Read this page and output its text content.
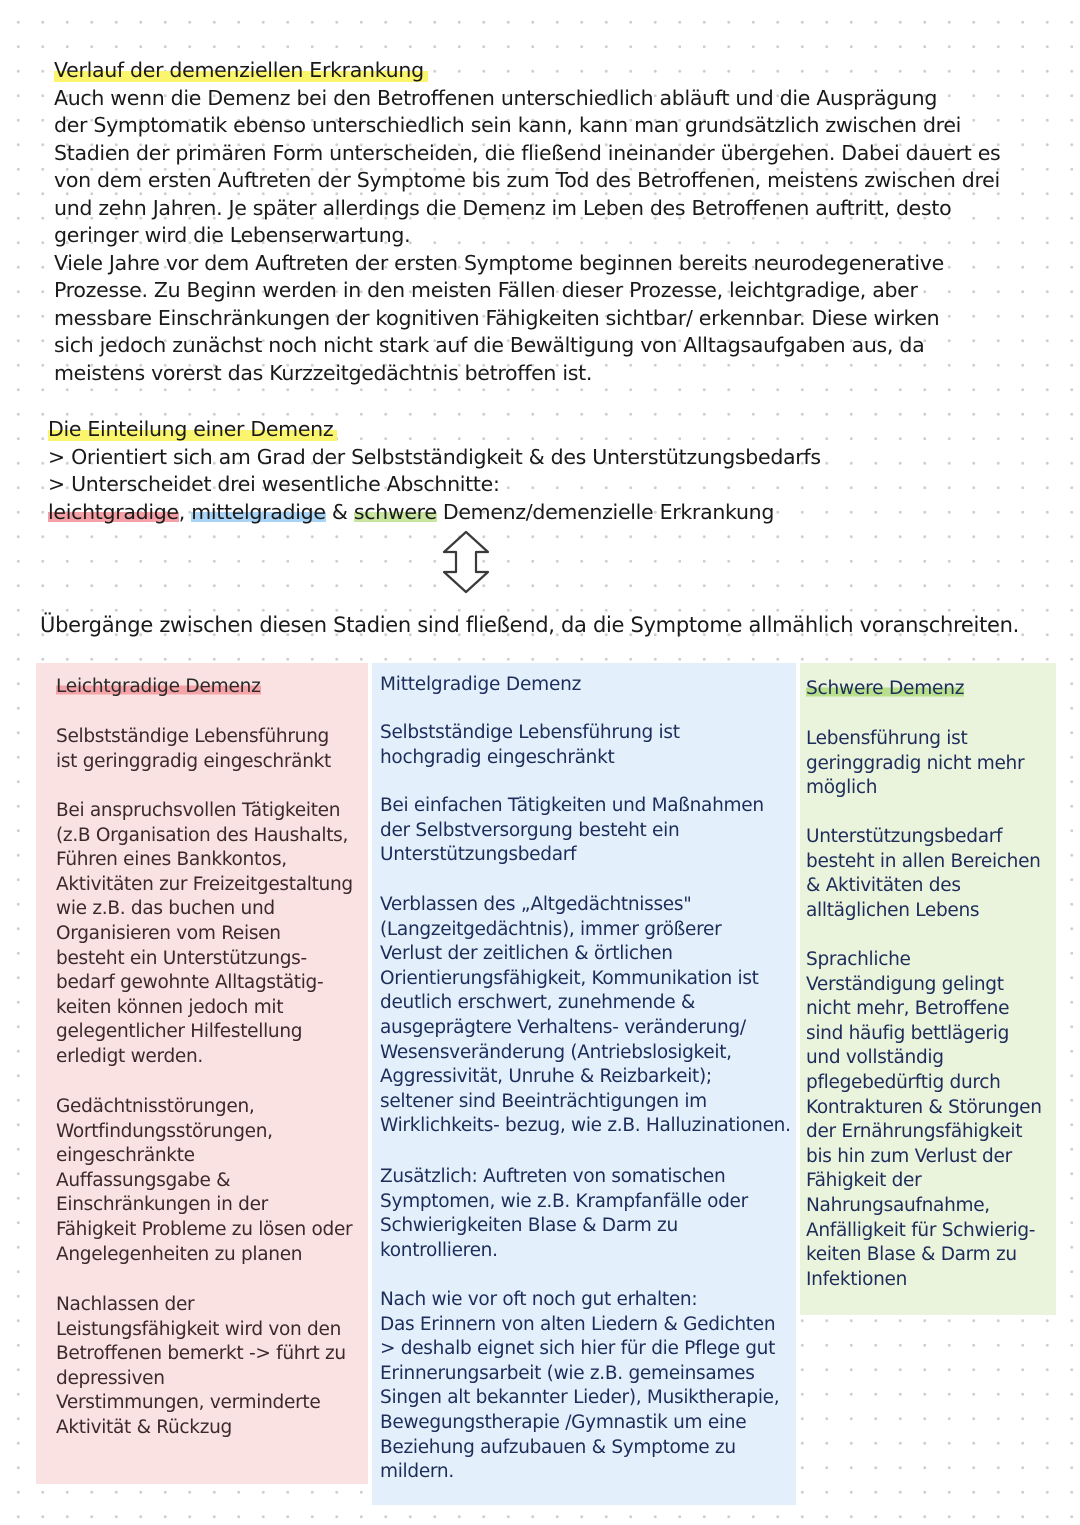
Verlauf der demenziellen Erkrankung
Auch wenn die Demenz bei den Betroffenen unterschiedlich abläuft und die Ausprägung
der Symptomatik ebenso unterschiedlich sein kann, kann man grundsätzlich zwischen drei
Stadien der primären Form unterscheiden, die fließend ineinander übergehen. Dabei dauert es
von dem ersten Auftreten der Symptome bis zum Tod des Betroffenen, meistens zwischen drei
und zehn Jahren. Je später allerdings die Demenz im Leben des Betroffenen auftritt, desto
geringer wird die Lebenserwartung.
Viele Jahre vor dem Auftreten der ersten Symptome beginnen bereits neurodegenerative
Prozesse. Zu Beginn werden in den meisten Fällen dieser Prozesse, leichtgradige, aber
messbare Einschränkungen der kognitiven Fähigkeiten sichtbar/ erkennbar. Diese wirken
sich jedoch zunächst noch nicht stark auf die Bewältigung von Alltagsaufgaben aus, da
meistens vorerst das Kurzzeitgedächtnis betroffen ist.
Die Einteilung einer Demenz
> Orientiert sich am Grad der Selbstständigkeit & des Unterstützungsbedarfs
> Unterscheidet drei wesentliche Abschnitte:
leichtgradige, mittelgradige & schwere Demenz/demenzielle Erkrankung
Übergänge zwischen diesen Stadien sind fließend, da die Symptome allmählich voranschreiten.
Leichtgradige Demenz
Selbstständige Lebensführung
ist geringgradig eingeschränkt
Bei anspruchsvollen Tätigkeiten
(z.B Organisation des Haushalts,
Führen eines Bankkontos,
Aktivitäten zur Freizeitgestaltung
wie z.B. das buchen und
Organisieren vom Reisen
besteht ein Unterstützungs-
bedarf gewohnte Alltagstätig-
keiten können jedoch mit
gelegentlicher Hilfestellung
erledigt werden.
Gedächtnisstörungen,
Wortfindungsstörungen,
eingeschränkte
Auffassungsgabe &
Einschränkungen in der
Fähigkeit Probleme zu lösen oder
Angelegenheiten zu planen
Nachlassen der
Leistungsfähigkeit wird von den
Betroffenen bemerkt -> führt zu
depressiven
Verstimmungen, verminderte
Aktivität & Rückzug
Mittelgradige Demenz
Selbstständige Lebensführung ist
hochgradig eingeschränkt
Bei einfachen Tätigkeiten und Maßnahmen
der Selbstversorgung besteht ein
Unterstützungsbedarf
Verblassen des „Altgedächtnisses"
(Langzeitgedächtnis), immer größerer
Verlust der zeitlichen & örtlichen
Orientierungsfähigkeit, Kommunikation ist
deutlich erschwert, zunehmende &
ausgeprägtere Verhaltens- veränderung/
Wesensveränderung (Antriebslosigkeit,
Aggressivität, Unruhe & Reizbarkeit);
seltener sind Beeinträchtigungen im
Wirklichkeits- bezug, wie z.B. Halluzinationen.
Zusätzlich: Auftreten von somatischen
Symptomen, wie z.B. Krampfanfälle oder
Schwierigkeiten Blase & Darm zu
kontrollieren.
Nach wie vor oft noch gut erhalten:
Das Erinnern von alten Liedern & Gedichten
> deshalb eignet sich hier für die Pflege gut
Erinnerungsarbeit (wie z.B. gemeinsames
Singen alt bekannter Lieder), Musiktherapie,
Bewegungstherapie /Gymnastik um eine
Beziehung aufzubauen & Symptome zu
mildern.
Schwere Demenz
Lebensführung ist
geringgradig nicht mehr
möglich
Unterstützungsbedarf
besteht in allen Bereichen
& Aktivitäten des
alltäglichen Lebens
Sprachliche
Verständigung gelingt
nicht mehr, Betroffene
sind häufig bettlägerig
und vollständig
pflegebedürftig durch
Kontrakturen & Störungen
der Ernährungsfähigkeit
bis hin zum Verlust der
Fähigkeit der
Nahrungsaufnahme,
Anfälligkeit für Schwierig-
keiten Blase & Darm zu
Infektionen
